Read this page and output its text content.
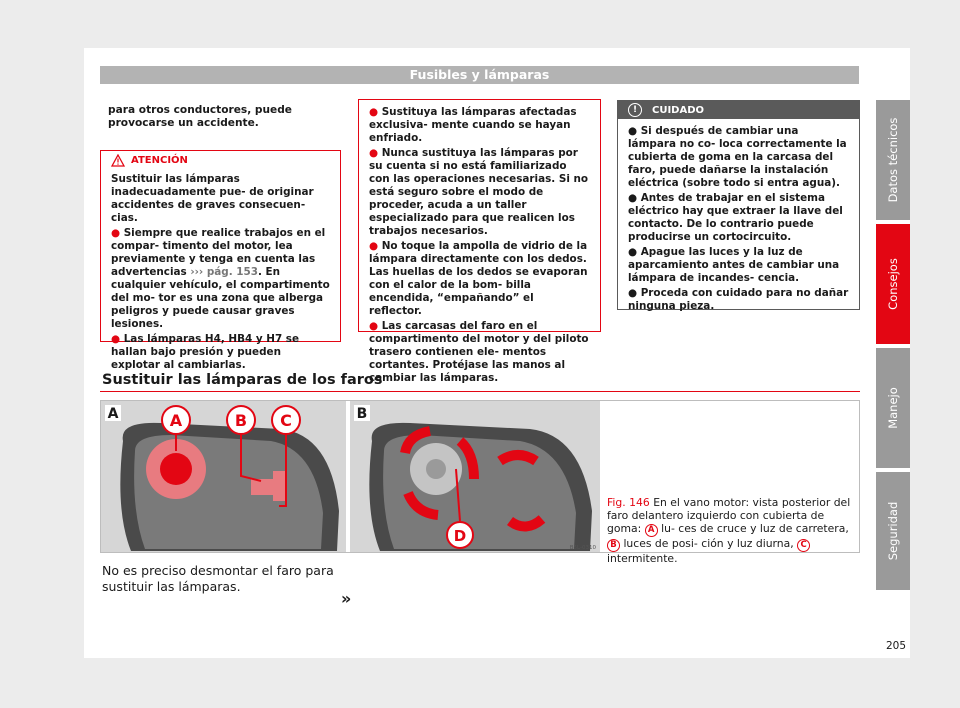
Fusibles y lámparas

para otros conductores, puede provocarse un accidente.

ATENCIÓN

Sustituir las lámparas inadecuadamente pue- de originar accidentes de graves consecuen- cias.

● Siempre que realice trabajos en el compar- timento del motor, lea previamente y tenga en cuenta las advertencias ››› pág. 153. En cualquier vehículo, el compartimento del mo- tor es una zona que alberga peligros y puede causar graves lesiones.

● Las lámparas H4, HB4 y H7 se hallan bajo presión y pueden explotar al cambiarlas.

● Sustituya las lámparas afectadas exclusiva- mente cuando se hayan enfriado.

● Nunca sustituya las lámparas por su cuenta si no está familiarizado con las operaciones necesarias. Si no está seguro sobre el modo de proceder, acuda a un taller especializado para que realicen los trabajos necesarios.

● No toque la ampolla de vidrio de la lámpara directamente con los dedos. Las huellas de los dedos se evaporan con el calor de la bom- billa encendida, “empañando” el reflector.

● Las carcasas del faro en el compartimento del motor y del piloto trasero contienen ele- mentos cortantes. Protéjase las manos al cambiar las lámparas.

!	CUIDADO

● Si después de cambiar una lámpara no co- loca correctamente la cubierta de goma en la carcasa del faro, puede dañarse la instalación eléctrica (sobre todo si entra agua).

● Antes de trabajar en el sistema eléctrico hay que extraer la llave del contacto. De lo contrario puede producirse un cortocircuito.

● Apague las luces y la luz de aparcamiento antes de cambiar una lámpara de incandes- cencia.

● Proceda con cuidado para no dañar ninguna pieza.

Sustituir las lámparas de los faros
A	A	B C	B
D
B5L-0310
Fig. 146 En el vano motor: vista posterior del faro delantero izquierdo con cubierta de goma: A lu- ces de cruce y luz de carretera, B luces de posi- ción y luz diurna, C intermitente.
No es preciso desmontar el faro para sustituir las lámparas.
»
Datos técnicos
Consejos
Manejo
Seguridad
205
